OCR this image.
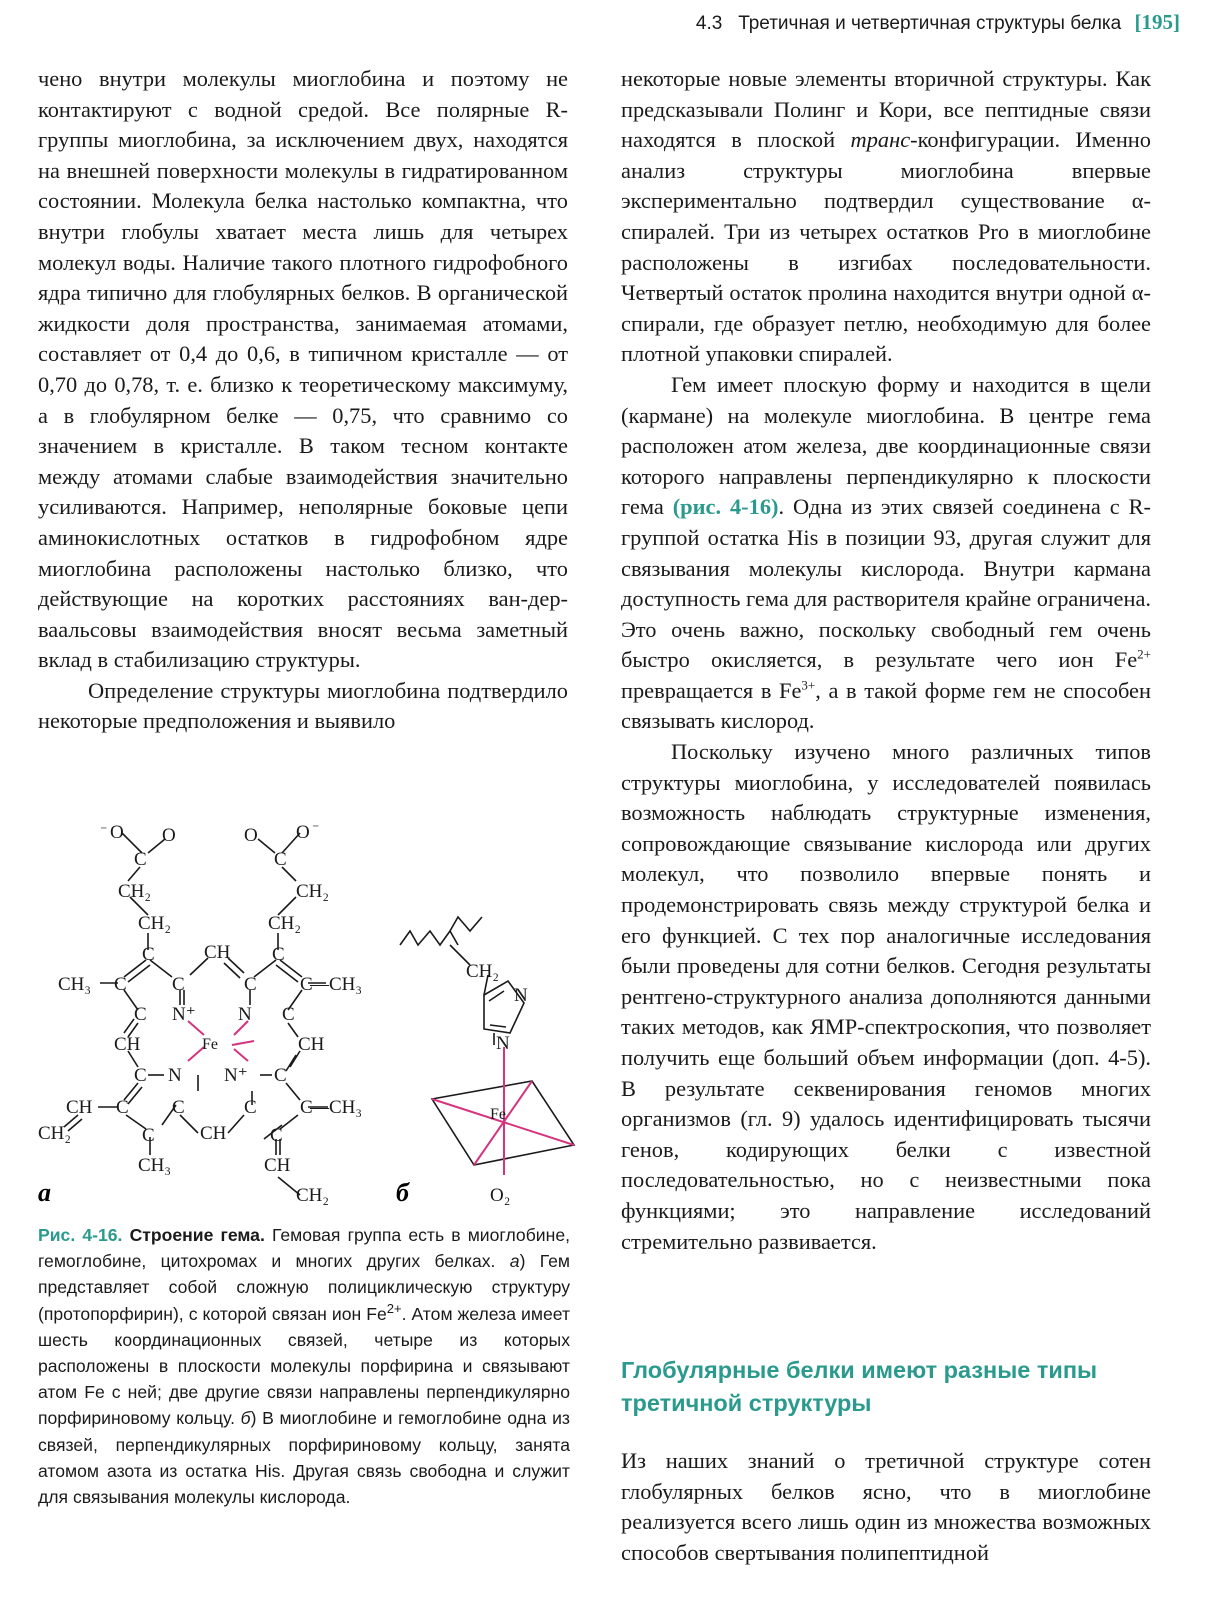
4.3 Третичная и четвертичная структуры белка [195]

чено внутри молекулы миоглобина и поэтому не контактируют с водной средой. Все полярные R-группы миоглобина, за исключением двух, находятся на внешней поверхности молекулы в гидратированном состоянии. Молекула белка настолько компактна, что внутри глобулы хватает места лишь для четырех молекул воды. Наличие такого плотного гидрофобного ядра типично для глобулярных белков. В органической жидкости доля пространства, занимаемая атомами, составляет от 0,4 до 0,6, в типичном кристалле — от 0,70 до 0,78, т. е. близко к теоретическому максимуму, а в глобулярном белке — 0,75, что сравнимо со значением в кристалле. В таком тесном контакте между атомами слабые взаимодействия значительно усиливаются. Например, неполярные боковые цепи аминокислотных остатков в гидрофобном ядре миоглобина расположены настолько близко, что действующие на коротких расстояниях ван-дер-ваальсовы взаимодействия вносят весьма заметный вклад в стабилизацию структуры.

Определение структуры миоглобина подтвердило некоторые предположения и выявило

⁻ O O
C
CH₂
CH₂
O O ⁻
C
CH₂
CH₂
C	CH C
CH₃ C C	C C
—CH₃
C N⁺ N C
CH	Fe	CH
C N N⁺ C
CH C C	C C
—CH₃
CH₂	C CH C
CH₃	CH
CH₂
CH₂
N
N
Fe
O₂
а	б
Рис. 4-16. Строение гема. Гемовая группа есть в миоглобине, гемоглобине, цитохромах и многих других белках. а) Гем представляет собой сложную полициклическую структуру (протопорфирин), с которой связан ион $Fe^{2+}$. Атом железа имеет шесть координационных связей, четыре из которых расположены в плоскости молекулы порфирина и связывают атом Fe с ней; две другие связи направлены перпендикулярно порфириновому кольцу. б) В миоглобине и гемоглобине одна из связей, перпендикулярных порфириновому кольцу, занята атомом азота из остатка His. Другая связь свободна и служит для связывания молекулы кислорода.

некоторые новые элементы вторичной структуры. Как предсказывали Полинг и Кори, все пептидные связи находятся в плоской транс-конфигурации. Именно анализ структуры миоглобина впервые экспериментально подтвердил существование α-спиралей. Три из четырех остатков Pro в миоглобине расположены в изгибах последовательности. Четвертый остаток пролина находится внутри одной α-спирали, где образует петлю, необходимую для более плотной упаковки спиралей.

Гем имеет плоскую форму и находится в щели (кармане) на молекуле миоглобина. В центре гема расположен атом железа, две координационные связи которого направлены перпендикулярно к плоскости гема (рис. 4-16). Одна из этих связей соединена с R-группой остатка His в позиции 93, другая служит для связывания молекулы кислорода. Внутри кармана доступность гема для растворителя крайне ограничена. Это очень важно, поскольку свободный гем очень быстро окисляется, в результате чего ион $Fe^{2+}$ превращается в $Fe^{3+}$, а в такой форме гем не способен связывать кислород.

Поскольку изучено много различных типов структуры миоглобина, у исследователей появилась возможность наблюдать структурные изменения, сопровождающие связывание кислорода или других молекул, что позволило впервые понять и продемонстрировать связь между структурой белка и его функцией. С тех пор аналогичные исследования были проведены для сотни белков. Сегодня результаты рентгено-структурного анализа дополняются данными таких методов, как ЯМР-спектроскопия, что позволяет получить еще больший объем информации (доп. 4-5). В результате секвенирования геномов многих организмов (гл. 9) удалось идентифицировать тысячи генов, кодирующих белки с известной последовательностью, но с неизвестными пока функциями; это направление исследований стремительно развивается.

Глобулярные белки имеют разные типы третичной структуры

Из наших знаний о третичной структуре сотен глобулярных белков ясно, что в миоглобине реализуется всего лишь один из множества возможных способов свертывания полипептидной
